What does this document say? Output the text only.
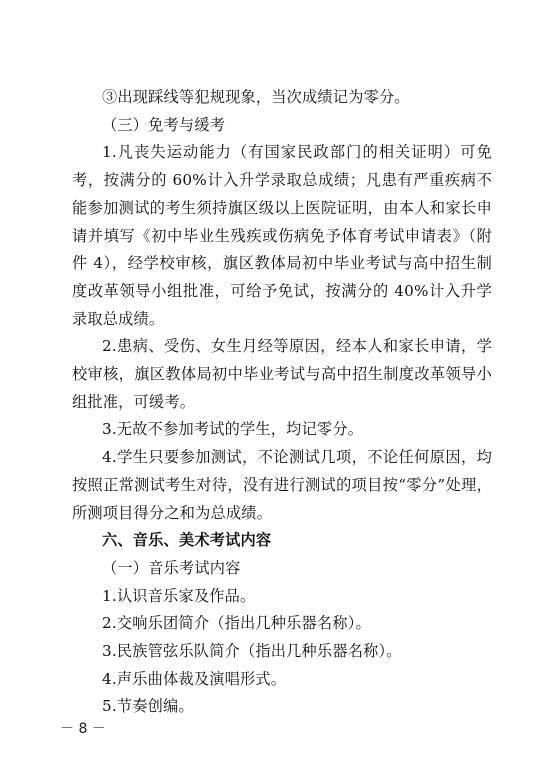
③出现踩线等犯规现象，当次成绩记为零分。

（三）免考与缓考

1.凡丧失运动能力（有国家民政部门的相关证明）可免考，按满分的 60%计入升学录取总成绩；凡患有严重疾病不能参加测试的考生须持旗区级以上医院证明，由本人和家长申请并填写《初中毕业生残疾或伤病免予体育考试申请表》（附件 4），经学校审核，旗区教体局初中毕业考试与高中招生制度改革领导小组批准，可给予免试，按满分的 40%计入升学录取总成绩。

2.患病、受伤、女生月经等原因，经本人和家长申请，学校审核，旗区教体局初中毕业考试与高中招生制度改革领导小组批准，可缓考。

3.无故不参加考试的学生，均记零分。

4.学生只要参加测试，不论测试几项，不论任何原因，均按照正常测试考生对待，没有进行测试的项目按“零分”处理，所测项目得分之和为总成绩。

六、音乐、美术考试内容

（一）音乐考试内容

1.认识音乐家及作品。

2.交响乐团简介（指出几种乐器名称）。

3.民族管弦乐队简介（指出几种乐器名称）。

4.声乐曲体裁及演唱形式。

5.节奏创编。

－ 8 －
